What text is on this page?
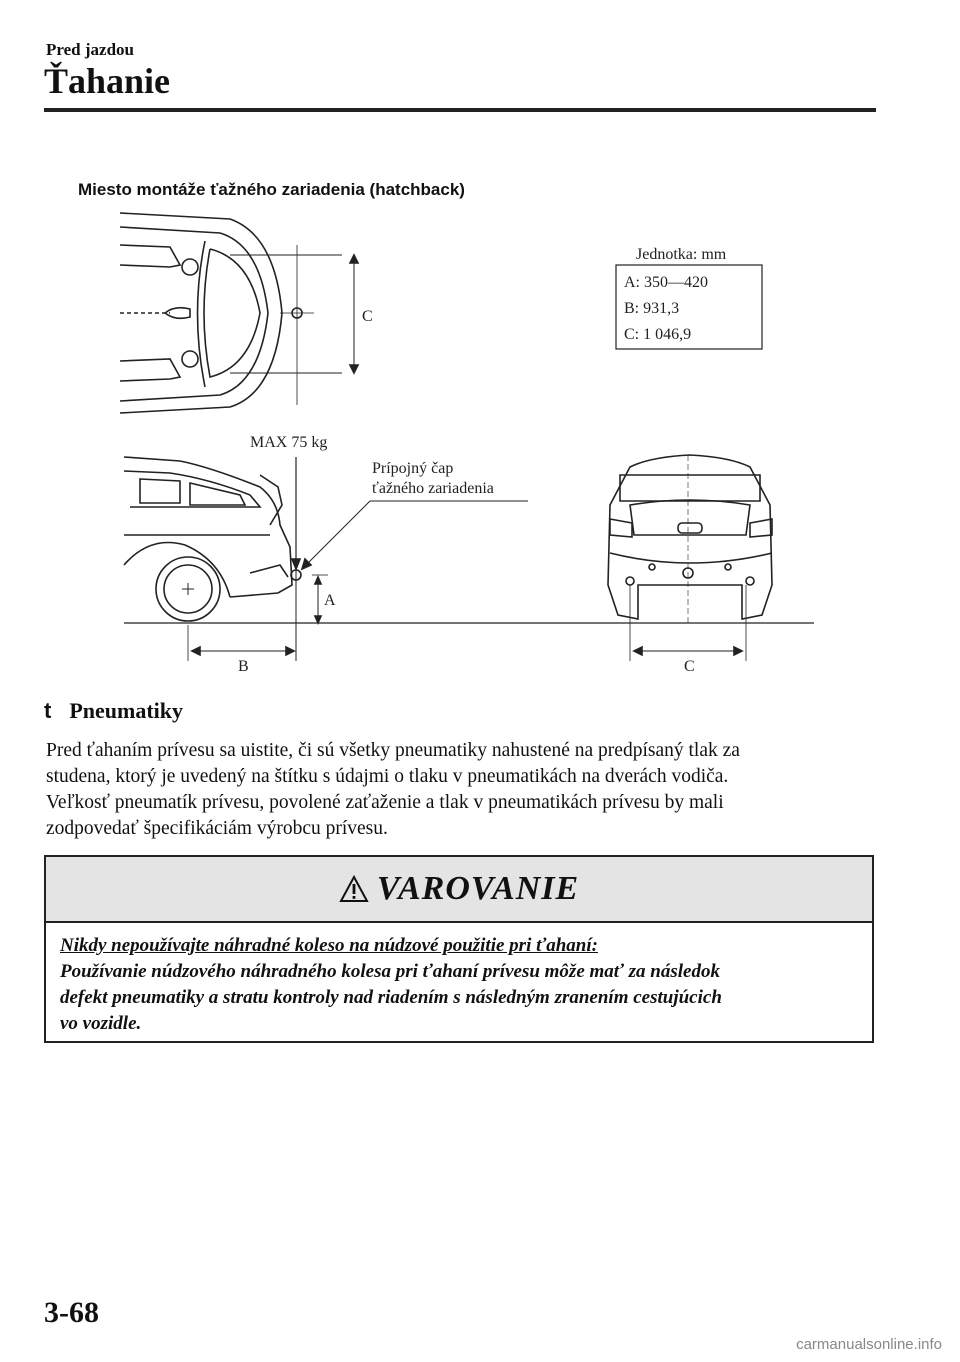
Pred jazdou
Ťahanie
Miesto montáže ťažného zariadenia (hatchback)
Jednotka: mm
A: 350—420
B: 931,3
C: 1 046,9
C
MAX 75 kg
Prípojný čap
ťažného zariadenia
A
B	C
t Pneumatiky

Pred ťahaním prívesu sa uistite, či sú všetky pneumatiky nahustené na predpísaný tlak za

studena, ktorý je uvedený na štítku s údajmi o tlaku v pneumatikách na dverách vodiča.

Veľkosť pneumatík prívesu, povolené zaťaženie a tlak v pneumatikách prívesu by mali

zodpovedať špecifikáciám výrobcu prívesu.

VAROVANIE
Nikdy nepoužívajte náhradné koleso na núdzové použitie pri ťahaní:
Používanie núdzového náhradného kolesa pri ťahaní prívesu môže mať za následok
defekt pneumatiky a stratu kontroly nad riadením s následným zranením cestujúcich
vo vozidle.
3-68
carmanualsonline.info
